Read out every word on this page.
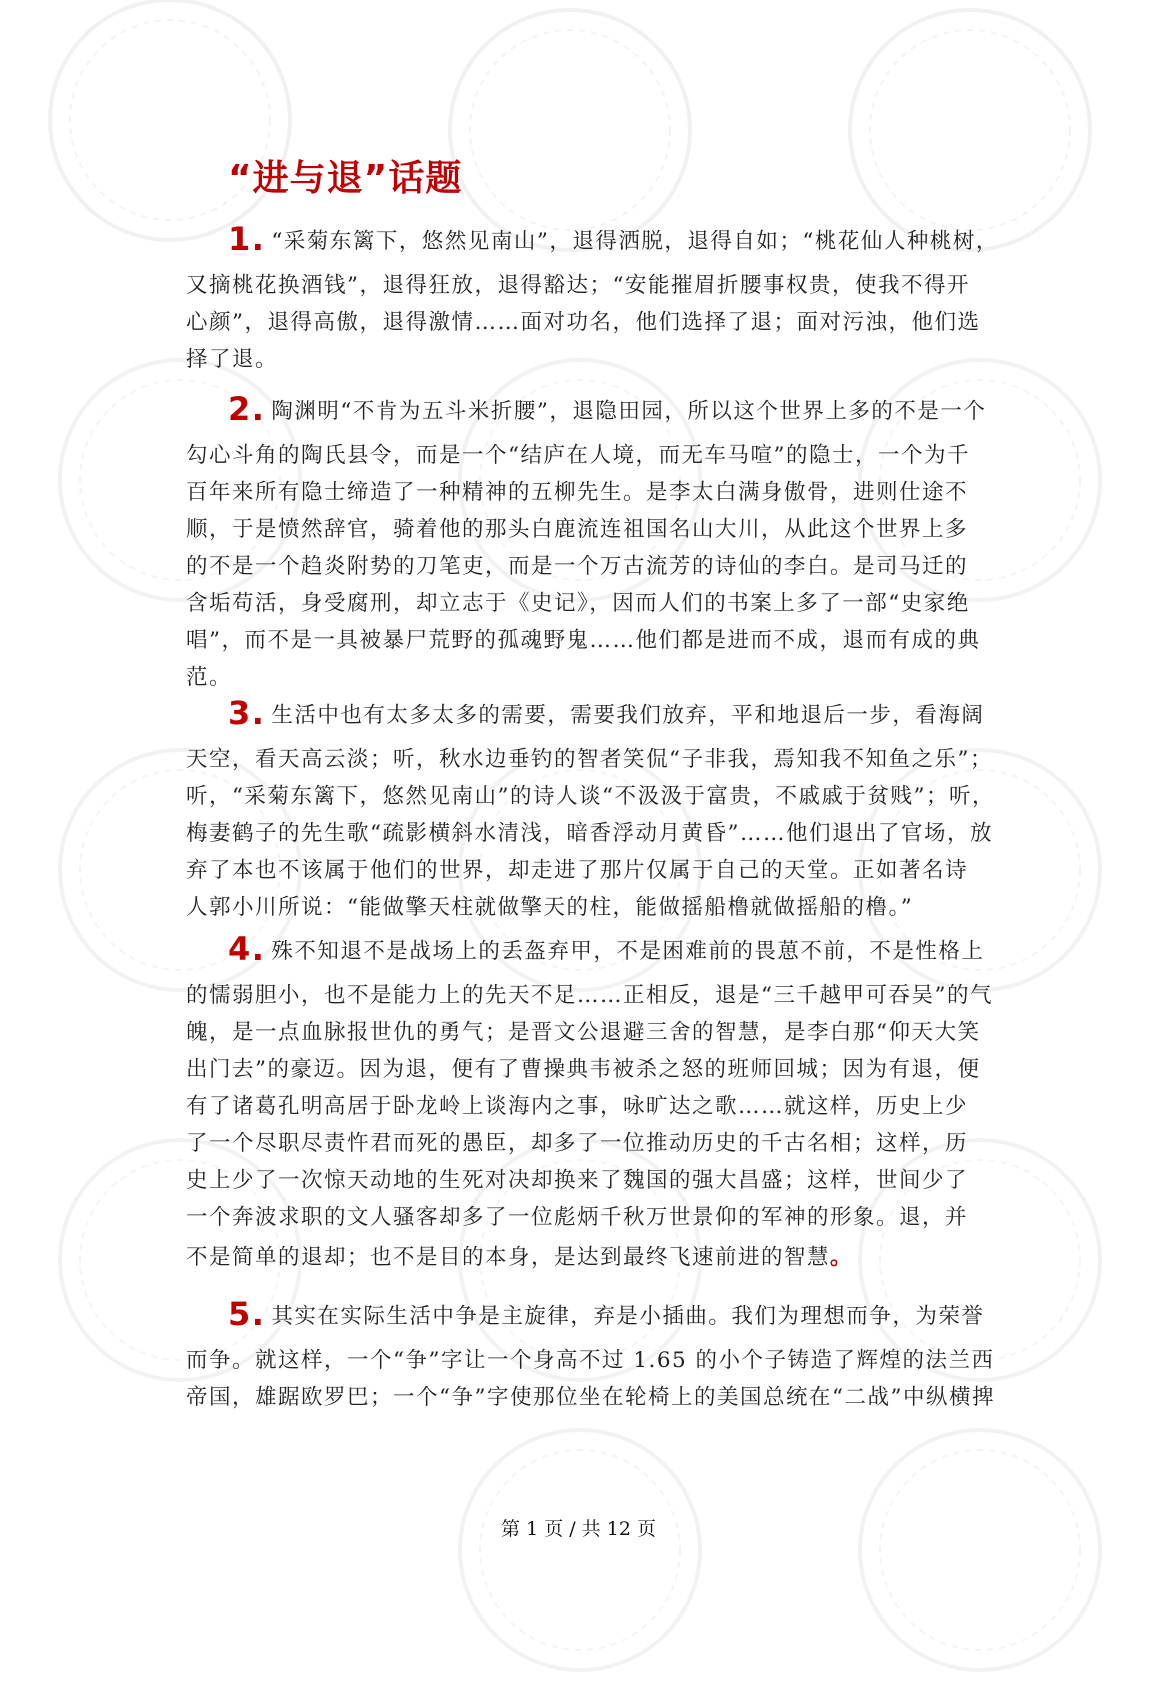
“进与退”话题
1. “采菊东篱下，悠然见南山”，退得洒脱，退得自如；“桃花仙人种桃树，
又摘桃花换酒钱”，退得狂放，退得豁达；“安能摧眉折腰事权贵，使我不得开
心颜”，退得高傲，退得激情……面对功名，他们选择了退；面对污浊，他们选
择了退。
2. 陶渊明“不肯为五斗米折腰”，退隐田园，所以这个世界上多的不是一个
勾心斗角的陶氏县令，而是一个“结庐在人境，而无车马喧”的隐士，一个为千
百年来所有隐士缔造了一种精神的五柳先生。是李太白满身傲骨，进则仕途不
顺，于是愤然辞官，骑着他的那头白鹿流连祖国名山大川，从此这个世界上多
的不是一个趋炎附势的刀笔吏，而是一个万古流芳的诗仙的李白。是司马迁的
含垢苟活，身受腐刑，却立志于《史记》，因而人们的书案上多了一部“史家绝
唱”，而不是一具被暴尸荒野的孤魂野鬼……他们都是进而不成，退而有成的典
范。
3. 生活中也有太多太多的需要，需要我们放弃，平和地退后一步，看海阔
天空，看天高云淡；听，秋水边垂钓的智者笑侃“子非我，焉知我不知鱼之乐”；
听，“采菊东篱下，悠然见南山”的诗人谈“不汲汲于富贵，不戚戚于贫贱”；听，
梅妻鹤子的先生歌“疏影横斜水清浅，暗香浮动月黄昏”……他们退出了官场，放
弃了本也不该属于他们的世界，却走进了那片仅属于自己的天堂。正如著名诗
人郭小川所说：“能做擎天柱就做擎天的柱，能做摇船橹就做摇船的橹。”
4. 殊不知退不是战场上的丢盔弃甲，不是困难前的畏葸不前，不是性格上
的懦弱胆小，也不是能力上的先天不足……正相反，退是“三千越甲可吞吴”的气
魄，是一点血脉报世仇的勇气；是晋文公退避三舍的智慧，是李白那“仰天大笑
出门去”的豪迈。因为退，便有了曹操典韦被杀之怒的班师回城；因为有退，便
有了诸葛孔明高居于卧龙岭上谈海内之事，咏旷达之歌……就这样，历史上少
了一个尽职尽责忤君而死的愚臣，却多了一位推动历史的千古名相；这样，历
史上少了一次惊天动地的生死对决却换来了魏国的强大昌盛；这样，世间少了
一个奔波求职的文人骚客却多了一位彪炳千秋万世景仰的军神的形象。退，并
不是简单的退却；也不是目的本身，是达到最终飞速前进的智慧。
5. 其实在实际生活中争是主旋律，弃是小插曲。我们为理想而争，为荣誉
而争。就这样，一个“争”字让一个身高不过 1.65 的小个子铸造了辉煌的法兰西
帝国，雄踞欧罗巴；一个“争”字使那位坐在轮椅上的美国总统在“二战”中纵横捭
第 1 页 / 共 12 页
